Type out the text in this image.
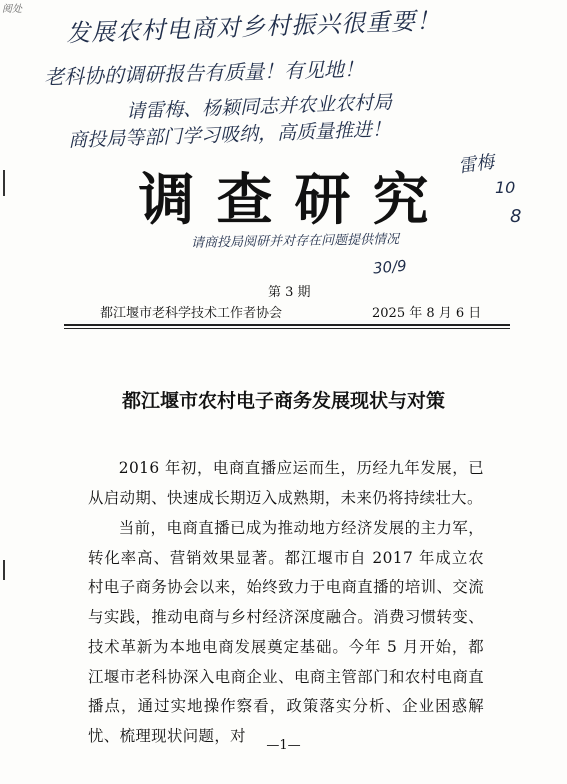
阅处 发展农村电商对乡村振兴很重要！
老科协的调研报告有质量！有见地！
请雷梅、杨颖同志并农业农村局
商投局等部门学习吸纳，高质量推进！
调查研究
请商投局阅研并对存在问题提供情况
雷梅
10
8
30/9
第 3 期
都江堰市老科学技术工作者协会	2025 年 8 月 6 日
都江堰市农村电子商务发展现状与对策
2016 年初，电商直播应运而生，历经九年发展，已从启动期、快速成长期迈入成熟期，未来仍将持续壮大。
当前，电商直播已成为推动地方经济发展的主力军，转化率高、营销效果显著。都江堰市自 2017 年成立农村电子商务协会以来，始终致力于电商直播的培训、交流与实践，推动电商与乡村经济深度融合。消费习惯转变、技术革新为本地电商发展奠定基础。今年 5 月开始，都江堰市老科协深入电商企业、电商主管部门和农村电商直播点，通过实地操作察看，政策落实分析、企业困惑解忧、梳理现状问题，对
—1—
